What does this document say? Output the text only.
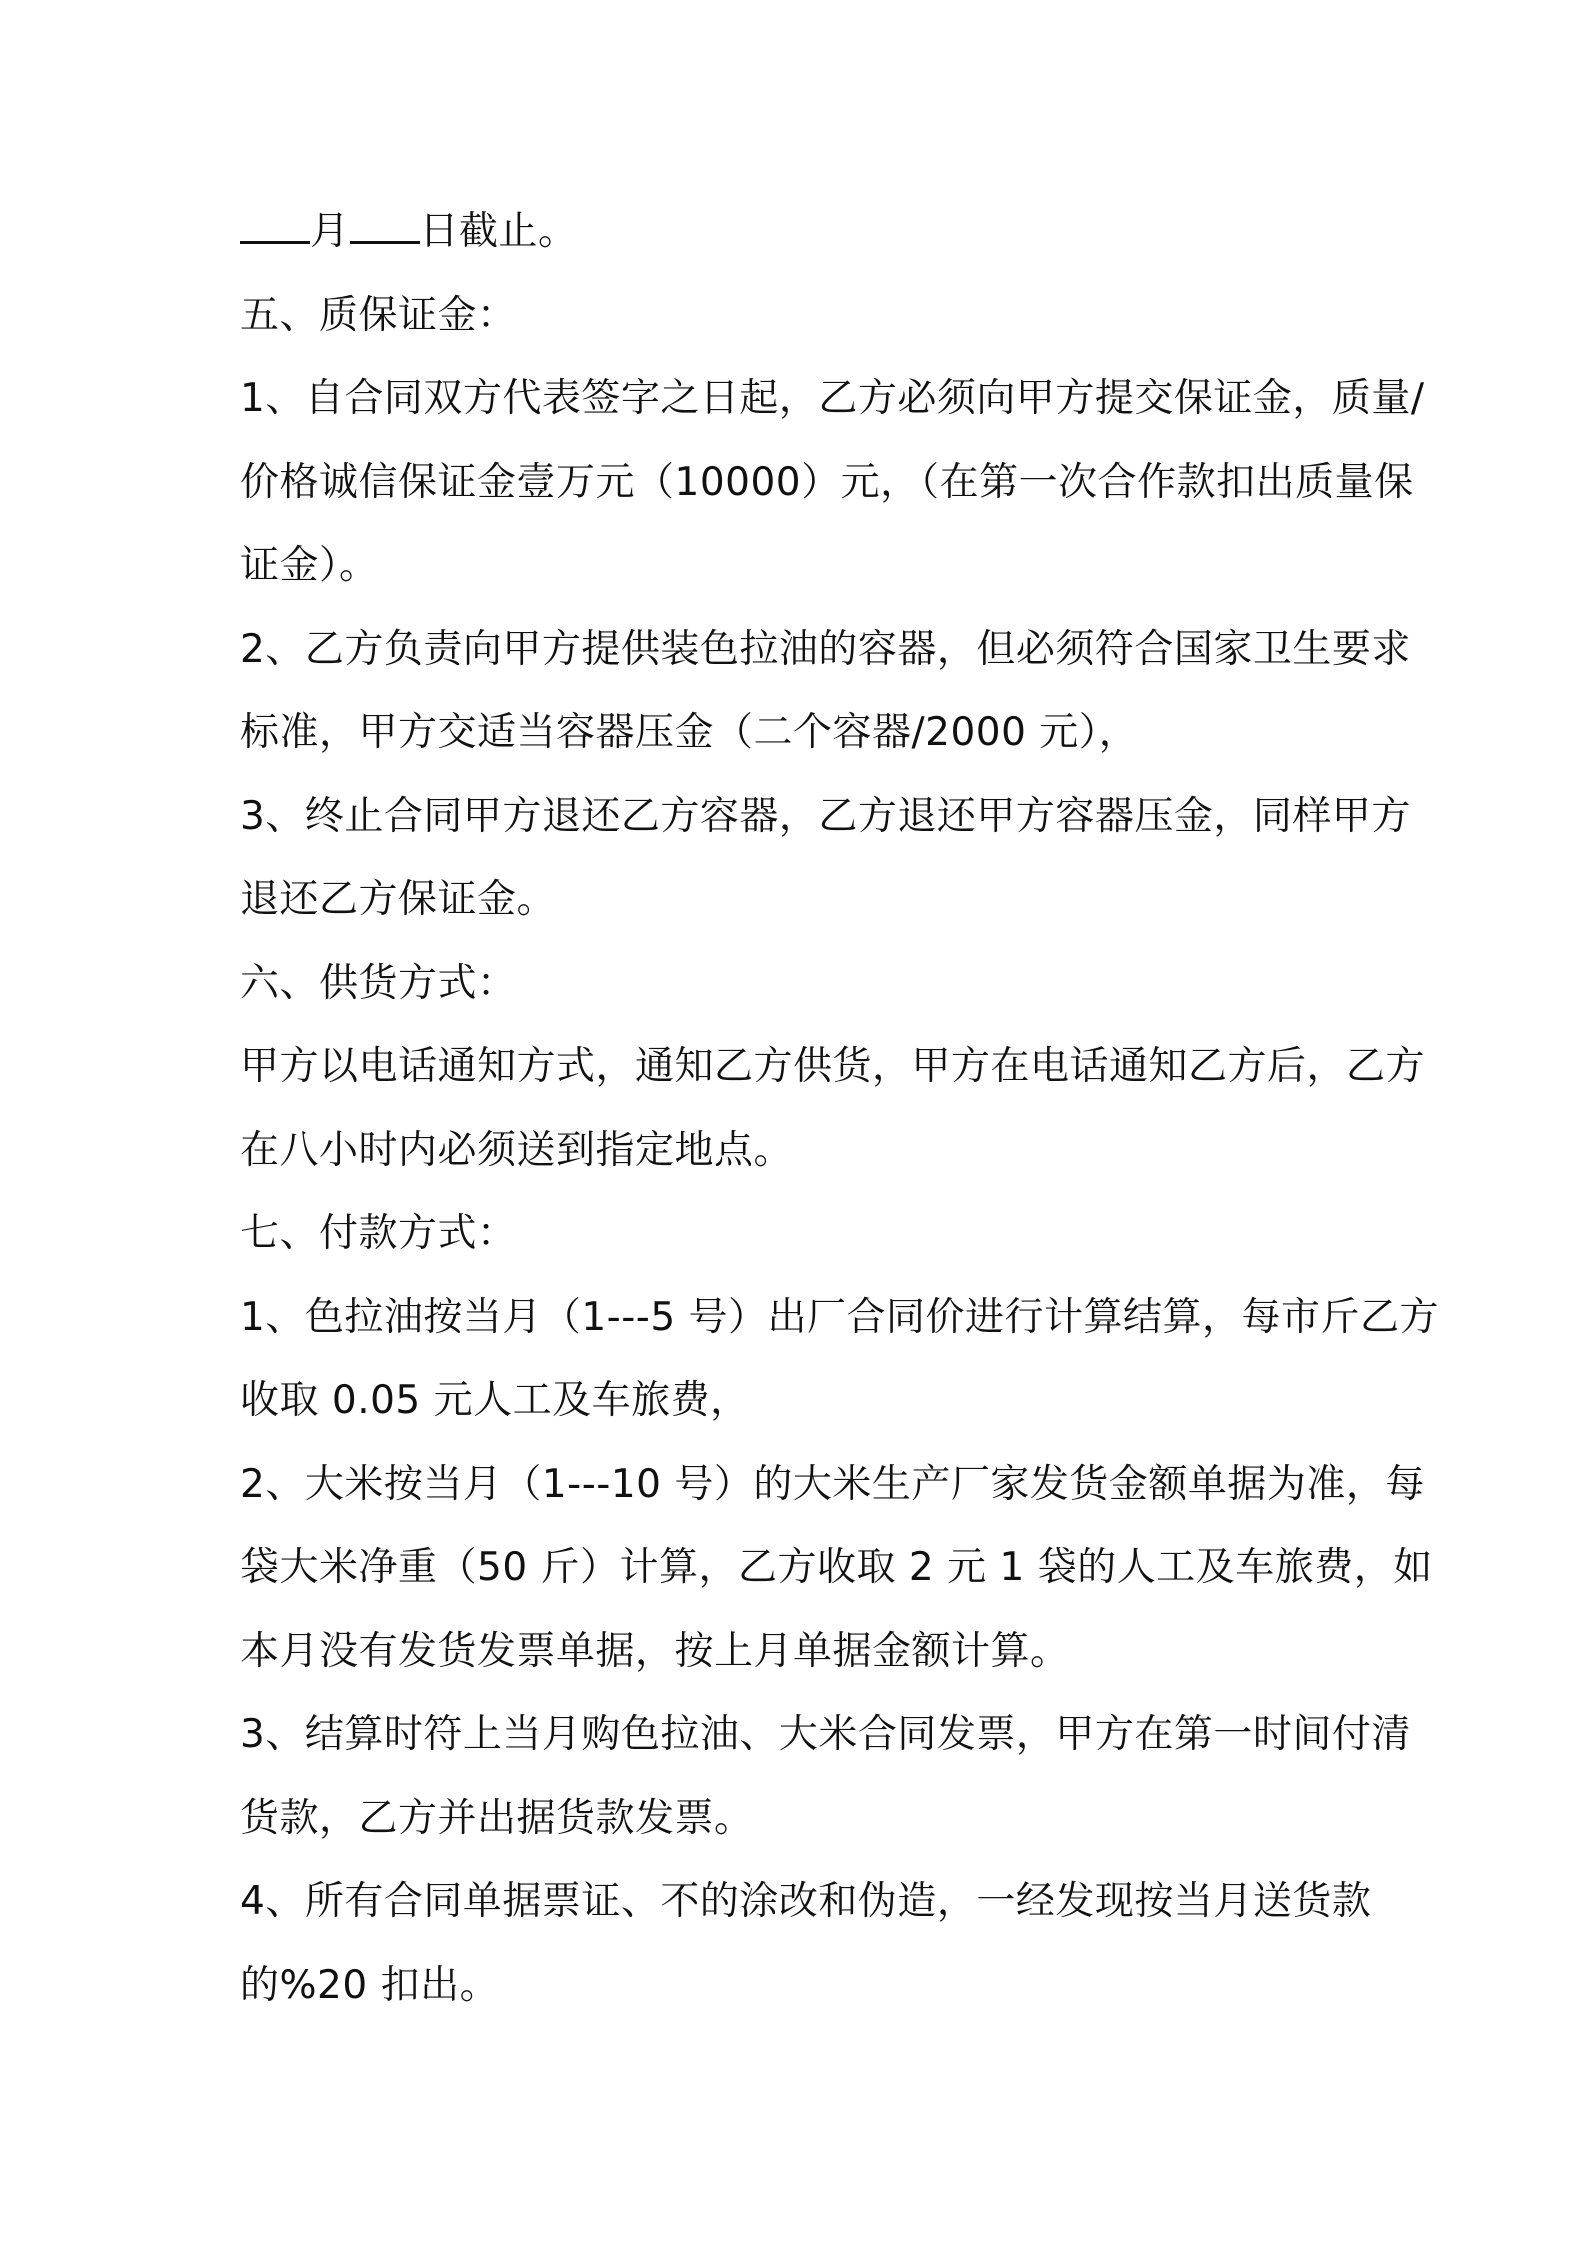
月 日截止。
五、质保证金：
1、自合同双方代表签字之日起，乙方必须向甲方提交保证金，质量/
价格诚信保证金壹万元（10000）元，（在第一次合作款扣出质量保
证金）。
2、乙方负责向甲方提供装色拉油的容器，但必须符合国家卫生要求
标准，甲方交适当容器压金（二个容器/2000 元），
3、终止合同甲方退还乙方容器，乙方退还甲方容器压金，同样甲方
退还乙方保证金。
六、供货方式：
甲方以电话通知方式，通知乙方供货，甲方在电话通知乙方后，乙方
在八小时内必须送到指定地点。
七、付款方式：
1、色拉油按当月（1---5 号）出厂合同价进行计算结算，每市斤乙方
收取 0.05 元人工及车旅费，
2、大米按当月（1---10 号）的大米生产厂家发货金额单据为准，每
袋大米净重（50 斤）计算，乙方收取 2 元 1 袋的人工及车旅费，如
本月没有发货发票单据，按上月单据金额计算。
3、结算时符上当月购色拉油、大米合同发票，甲方在第一时间付清
货款，乙方并出据货款发票。
4、所有合同单据票证、不的涂改和伪造，一经发现按当月送货款
的%20 扣出。
